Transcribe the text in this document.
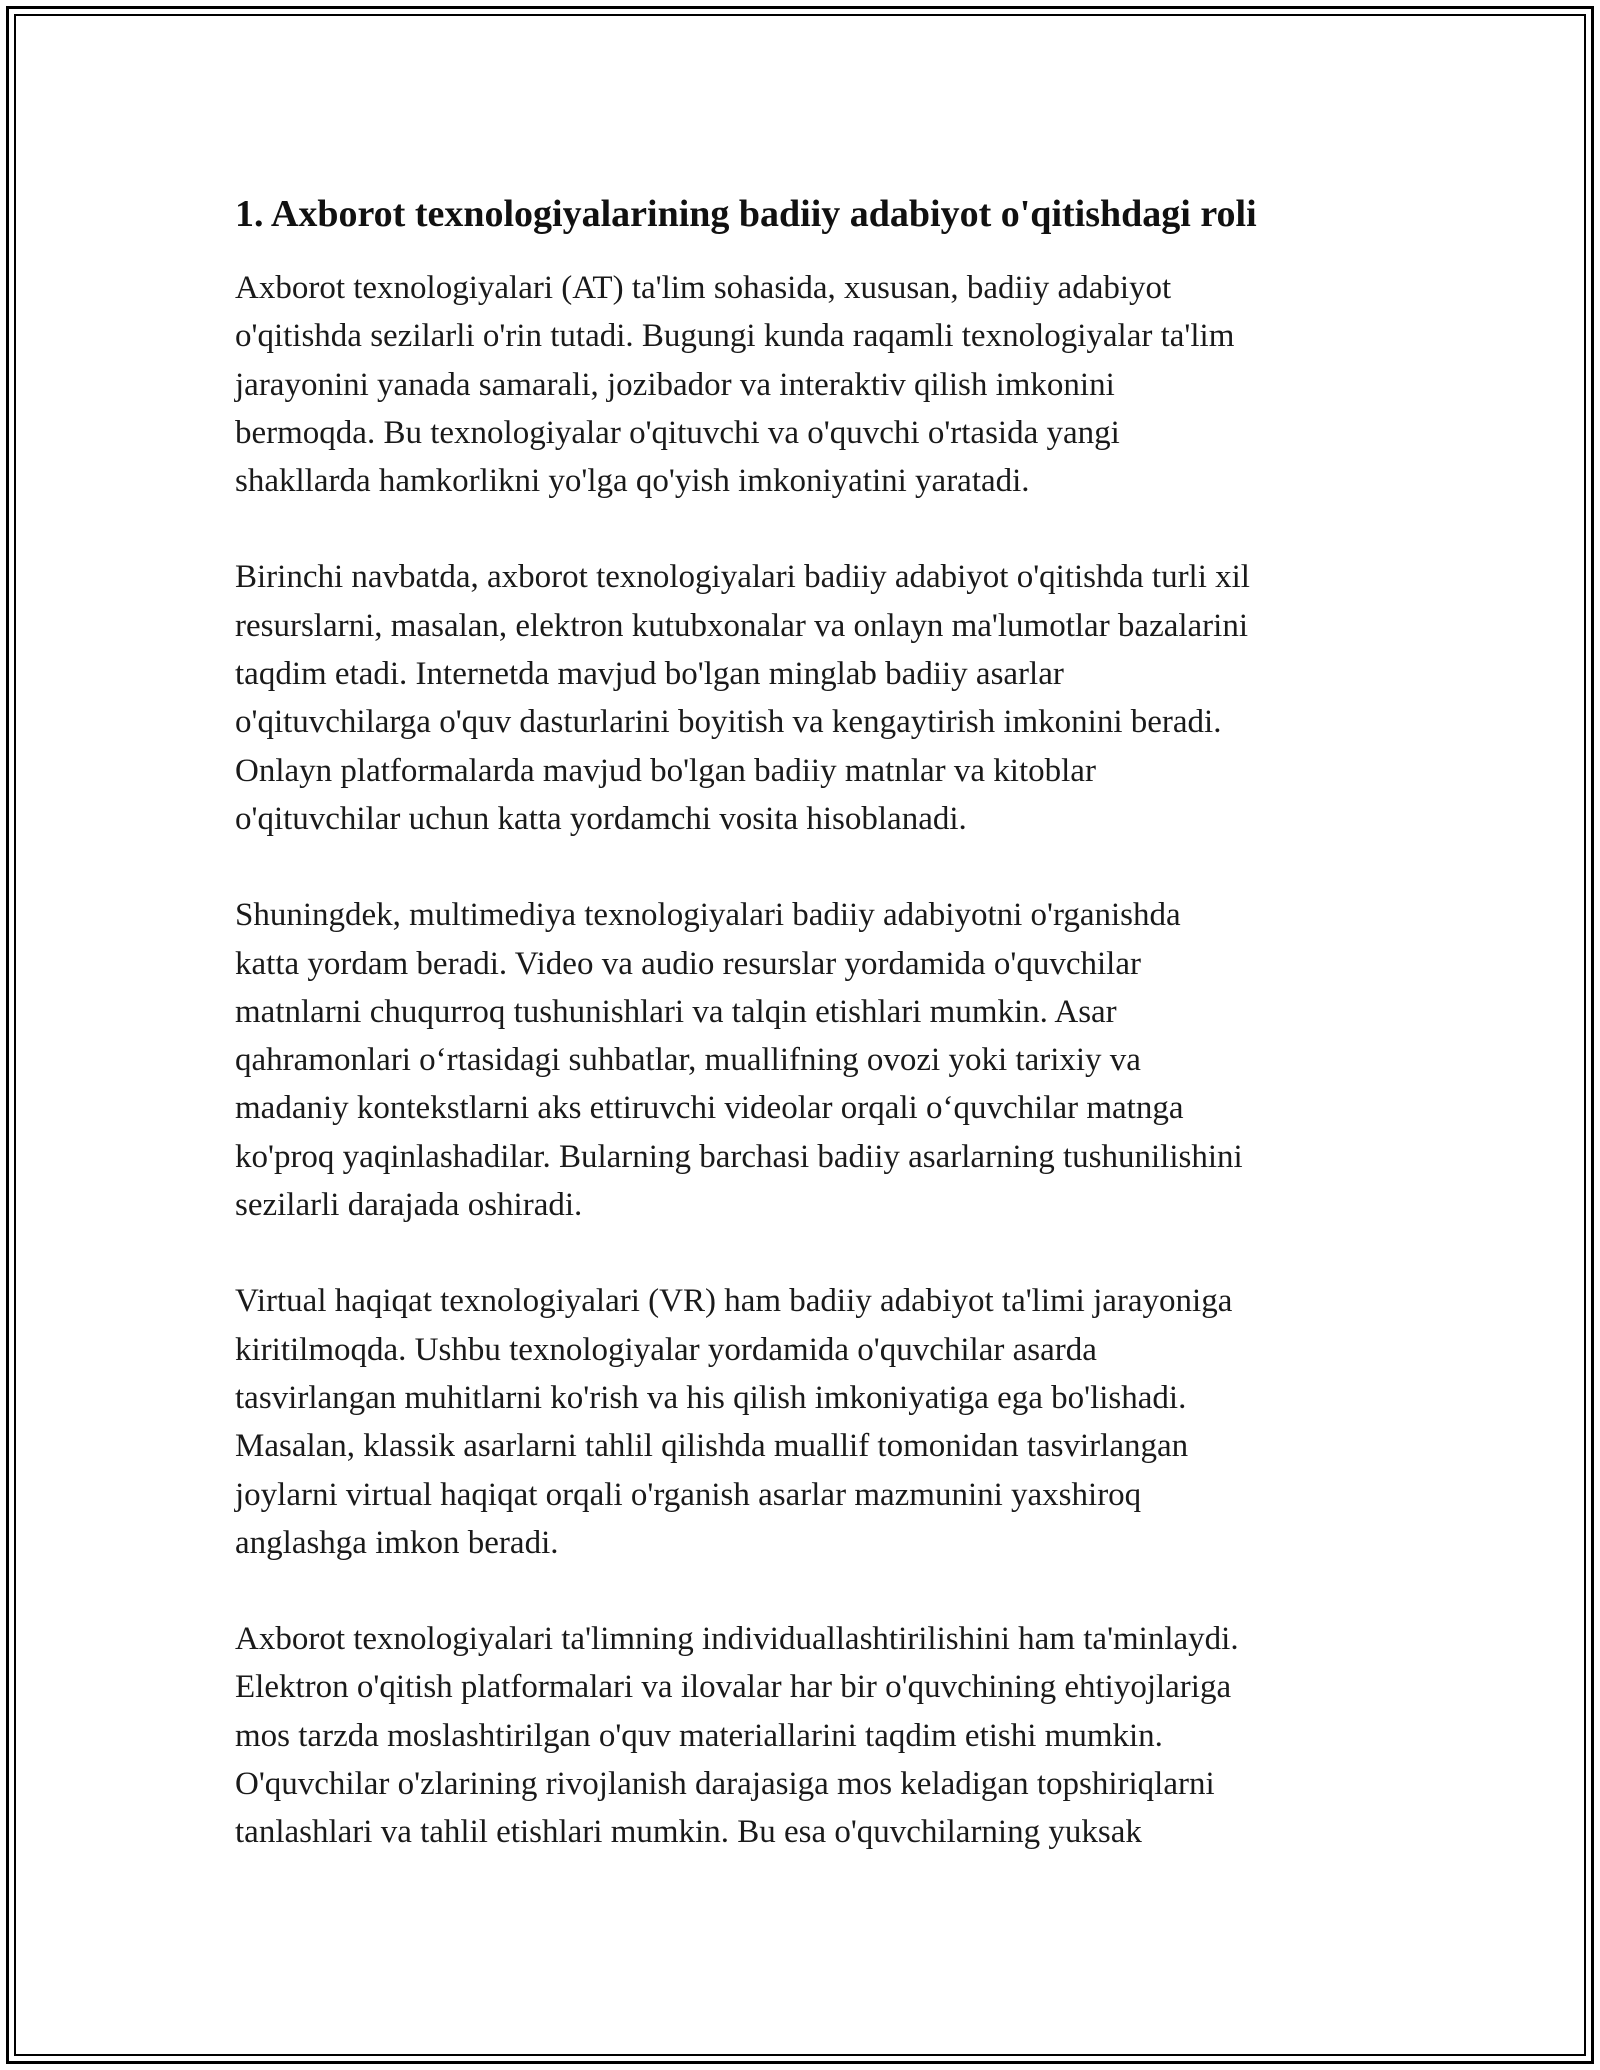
1. Axborot texnologiyalarining badiiy adabiyot o'qitishdagi roli
Axborot texnologiyalari (AT) ta'lim sohasida, xususan, badiiy adabiyot
o'qitishda sezilarli o'rin tutadi. Bugungi kunda raqamli texnologiyalar ta'lim
jarayonini yanada samarali, jozibador va interaktiv qilish imkonini
bermoqda. Bu texnologiyalar o'qituvchi va o'quvchi o'rtasida yangi
shakllarda hamkorlikni yo'lga qo'yish imkoniyatini yaratadi.
Birinchi navbatda, axborot texnologiyalari badiiy adabiyot o'qitishda turli xil
resurslarni, masalan, elektron kutubxonalar va onlayn ma'lumotlar bazalarini
taqdim etadi. Internetda mavjud bo'lgan minglab badiiy asarlar
o'qituvchilarga o'quv dasturlarini boyitish va kengaytirish imkonini beradi.
Onlayn platformalarda mavjud bo'lgan badiiy matnlar va kitoblar
o'qituvchilar uchun katta yordamchi vosita hisoblanadi.
Shuningdek, multimediya texnologiyalari badiiy adabiyotni o'rganishda
katta yordam beradi. Video va audio resurslar yordamida o'quvchilar
matnlarni chuqurroq tushunishlari va talqin etishlari mumkin. Asar
qahramonlari o‘rtasidagi suhbatlar, muallifning ovozi yoki tarixiy va
madaniy kontekstlarni aks ettiruvchi videolar orqali o‘quvchilar matnga
ko'proq yaqinlashadilar. Bularning barchasi badiiy asarlarning tushunilishini
sezilarli darajada oshiradi.
Virtual haqiqat texnologiyalari (VR) ham badiiy adabiyot ta'limi jarayoniga
kiritilmoqda. Ushbu texnologiyalar yordamida o'quvchilar asarda
tasvirlangan muhitlarni ko'rish va his qilish imkoniyatiga ega bo'lishadi.
Masalan, klassik asarlarni tahlil qilishda muallif tomonidan tasvirlangan
joylarni virtual haqiqat orqali o'rganish asarlar mazmunini yaxshiroq
anglashga imkon beradi.
Axborot texnologiyalari ta'limning individuallashtirilishini ham ta'minlaydi.
Elektron o'qitish platformalari va ilovalar har bir o'quvchining ehtiyojlariga
mos tarzda moslashtirilgan o'quv materiallarini taqdim etishi mumkin.
O'quvchilar o'zlarining rivojlanish darajasiga mos keladigan topshiriqlarni
tanlashlari va tahlil etishlari mumkin. Bu esa o'quvchilarning yuksak
